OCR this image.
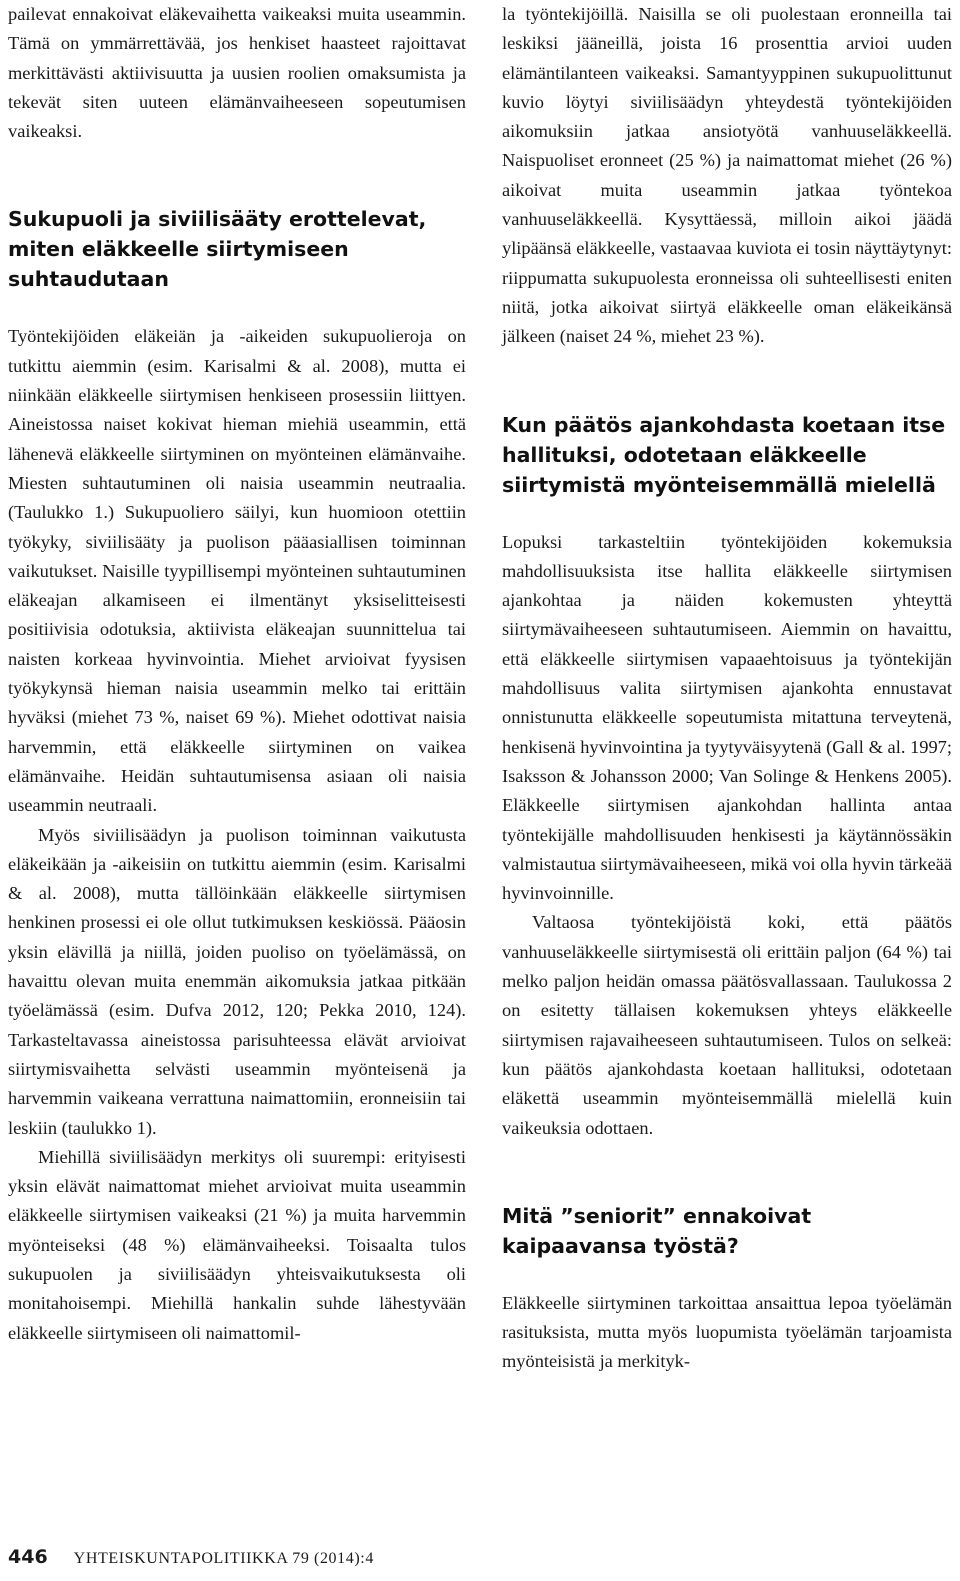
pailevat ennakoivat eläkevaihetta vaikeaksi muita useammin. Tämä on ymmärrettävää, jos henkiset haasteet rajoittavat merkittävästi aktiivisuutta ja uusien roolien omaksumista ja tekevät siten uuteen elämänvaiheeseen sopeutumisen vaikeaksi.

Sukupuoli ja siviilisääty erottelevat, miten eläkkeelle siirtymiseen suhtaudutaan

Työntekijöiden eläkeiän ja -aikeiden sukupuolieroja on tutkittu aiemmin (esim. Karisalmi & al. 2008), mutta ei niinkään eläkkeelle siirtymisen henkiseen prosessiin liittyen. Aineistossa naiset kokivat hieman miehiä useammin, että lähenevä eläkkeelle siirtyminen on myönteinen elämänvaihe. Miesten suhtautuminen oli naisia useammin neutraalia. (Taulukko 1.) Sukupuoliero säilyi, kun huomioon otettiin työkyky, siviilisääty ja puolison pääasiallisen toiminnan vaikutukset. Naisille tyypillisempi myönteinen suhtautuminen eläkeajan alkamiseen ei ilmentänyt yksiselitteisesti positiivisia odotuksia, aktiivista eläkeajan suunnittelua tai naisten korkeaa hyvinvointia. Miehet arvioivat fyysisen työkykynsä hieman naisia useammin melko tai erittäin hyväksi (miehet 73 %, naiset 69 %). Miehet odottivat naisia harvemmin, että eläkkeelle siirtyminen on vaikea elämänvaihe. Heidän suhtautumisensa asiaan oli naisia useammin neutraali.

Myös siviilisäädyn ja puolison toiminnan vaikutusta eläkeikään ja -aikeisiin on tutkittu aiemmin (esim. Karisalmi & al. 2008), mutta tällöinkään eläkkeelle siirtymisen henkinen prosessi ei ole ollut tutkimuksen keskiössä. Pääosin yksin elävillä ja niillä, joiden puoliso on työelämässä, on havaittu olevan muita enemmän aikomuksia jatkaa pitkään työelämässä (esim. Dufva 2012, 120; Pekka 2010, 124). Tarkasteltavassa aineistossa parisuhteessa elävät arvioivat siirtymisvaihetta selvästi useammin myönteisenä ja harvemmin vaikeana verrattuna naimattomiin, eronneisiin tai leskiin (taulukko 1).

Miehillä siviilisäädyn merkitys oli suurempi: erityisesti yksin elävät naimattomat miehet arvioivat muita useammin eläkkeelle siirtymisen vaikeaksi (21 %) ja muita harvemmin myönteiseksi (48 %) elämänvaiheeksi. Toisaalta tulos sukupuolen ja siviilisäädyn yhteisvaikutuksesta oli monitahoisempi. Miehillä hankalin suhde lähestyvään eläkkeelle siirtymiseen oli naimattomil-

la työntekijöillä. Naisilla se oli puolestaan eronneilla tai leskiksi jääneillä, joista 16 prosenttia arvioi uuden elämäntilanteen vaikeaksi. Samantyyppinen sukupuolittunut kuvio löytyi siviilisäädyn yhteydestä työntekijöiden aikomuksiin jatkaa ansiotyötä vanhuuseläkkeellä. Naispuoliset eronneet (25 %) ja naimattomat miehet (26 %) aikoivat muita useammin jatkaa työntekoa vanhuuseläkkeellä. Kysyttäessä, milloin aikoi jäädä ylipäänsä eläkkeelle, vastaavaa kuviota ei tosin näyttäytynyt: riippumatta sukupuolesta eronneissa oli suhteellisesti eniten niitä, jotka aikoivat siirtyä eläkkeelle oman eläkeikänsä jälkeen (naiset 24 %, miehet 23 %).

Kun päätös ajankohdasta koetaan itse hallituksi, odotetaan eläkkeelle siirtymistä myönteisemmällä mielellä

Lopuksi tarkasteltiin työntekijöiden kokemuksia mahdollisuuksista itse hallita eläkkeelle siirtymisen ajankohtaa ja näiden kokemusten yhteyttä siirtymävaiheeseen suhtautumiseen. Aiemmin on havaittu, että eläkkeelle siirtymisen vapaaehtoisuus ja työntekijän mahdollisuus valita siirtymisen ajankohta ennustavat onnistunutta eläkkeelle sopeutumista mitattuna terveytenä, henkisenä hyvinvointina ja tyytyväisyytenä (Gall & al. 1997; Isaksson & Johansson 2000; Van Solinge & Henkens 2005). Eläkkeelle siirtymisen ajankohdan hallinta antaa työntekijälle mahdollisuuden henkisesti ja käytännössäkin valmistautua siirtymävaiheeseen, mikä voi olla hyvin tärkeää hyvinvoinnille.

Valtaosa työntekijöistä koki, että päätös vanhuuseläkkeelle siirtymisestä oli erittäin paljon (64 %) tai melko paljon heidän omassa päätösvallassaan. Taulukossa 2 on esitetty tällaisen kokemuksen yhteys eläkkeelle siirtymisen rajavaiheeseen suhtautumiseen. Tulos on selkeä: kun päätös ajankohdasta koetaan hallituksi, odotetaan eläkettä useammin myönteisemmällä mielellä kuin vaikeuksia odottaen.

Mitä ”seniorit” ennakoivat kaipaavansa työstä?

Eläkkeelle siirtyminen tarkoittaa ansaittua lepoa työelämän rasituksista, mutta myös luopumista työelämän tarjoamista myönteisistä ja merkityk-

446 YHTEISKUNTAPOLITIIKKA 79 (2014):4
